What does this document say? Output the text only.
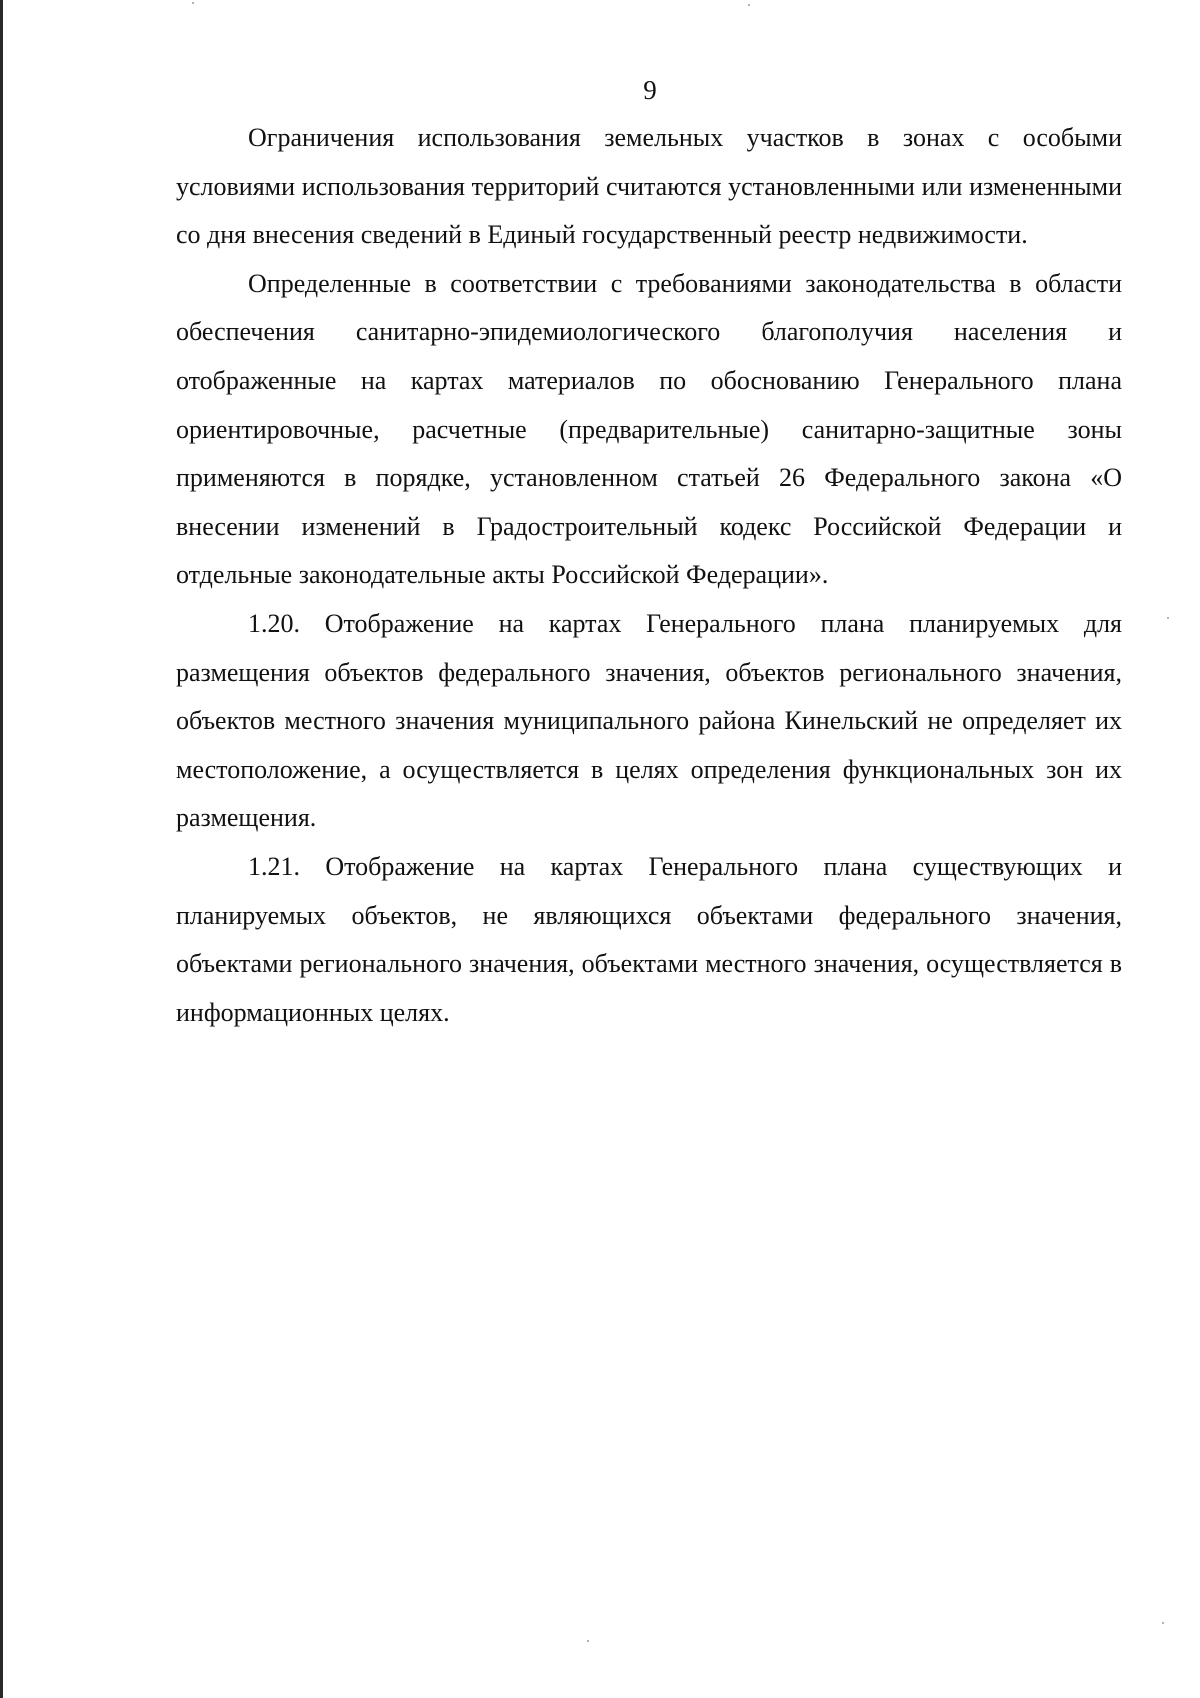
9

Ограничения использования земельных участков в зонах с особыми условиями использования территорий считаются установленными или измененными со дня внесения сведений в Единый государственный реестр недвижимости.

Определенные в соответствии с требованиями законодательства в области обеспечения санитарно-эпидемиологического благополучия населения и отображенные на картах материалов по обоснованию Генерального плана ориентировочные, расчетные (предварительные) санитарно-защитные зоны применяются в порядке, установленном статьей 26 Федерального закона «О внесении изменений в Градостроительный кодекс Российской Федерации и отдельные законодательные акты Российской Федерации».

1.20. Отображение на картах Генерального плана планируемых для размещения объектов федерального значения, объектов регионального значения, объектов местного значения муниципального района Кинельский не определяет их местоположение, а осуществляется в целях определения функциональных зон их размещения.

1.21. Отображение на картах Генерального плана существующих и планируемых объектов, не являющихся объектами федерального значения, объектами регионального значения, объектами местного значения, осуществляется в информационных целях.
